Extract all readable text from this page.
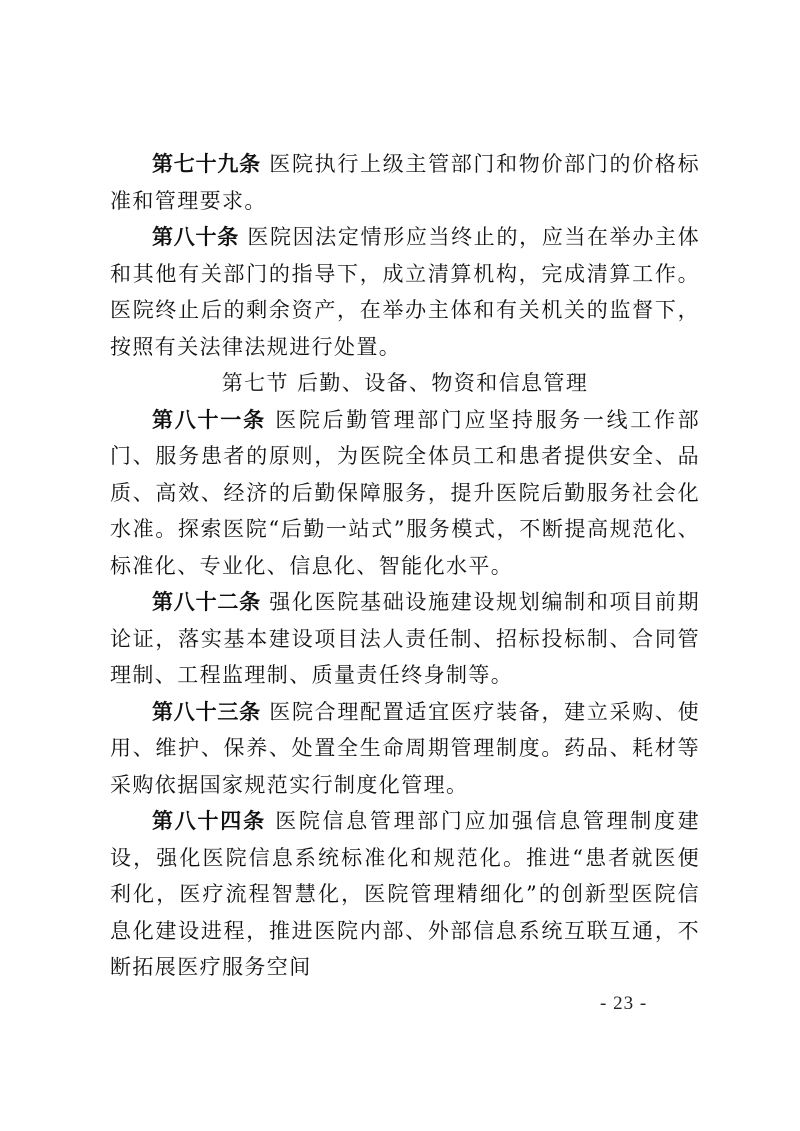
第七十九条 医院执行上级主管部门和物价部门的价格标准和管理要求。

第八十条 医院因法定情形应当终止的，应当在举办主体和其他有关部门的指导下，成立清算机构，完成清算工作。医院终止后的剩余资产，在举办主体和有关机关的监督下，按照有关法律法规进行处置。

第七节 后勤、设备、物资和信息管理

第八十一条 医院后勤管理部门应坚持服务一线工作部门、服务患者的原则，为医院全体员工和患者提供安全、品质、高效、经济的后勤保障服务，提升医院后勤服务社会化水准。探索医院“后勤一站式”服务模式，不断提高规范化、标准化、专业化、信息化、智能化水平。

第八十二条 强化医院基础设施建设规划编制和项目前期论证，落实基本建设项目法人责任制、招标投标制、合同管理制、工程监理制、质量责任终身制等。

第八十三条 医院合理配置适宜医疗装备，建立采购、使用、维护、保养、处置全生命周期管理制度。药品、耗材等采购依据国家规范实行制度化管理。

第八十四条 医院信息管理部门应加强信息管理制度建设，强化医院信息系统标准化和规范化。推进“患者就医便利化，医疗流程智慧化，医院管理精细化”的创新型医院信息化建设进程，推进医院内部、外部信息系统互联互通，不断拓展医疗服务空间

- 23 -
